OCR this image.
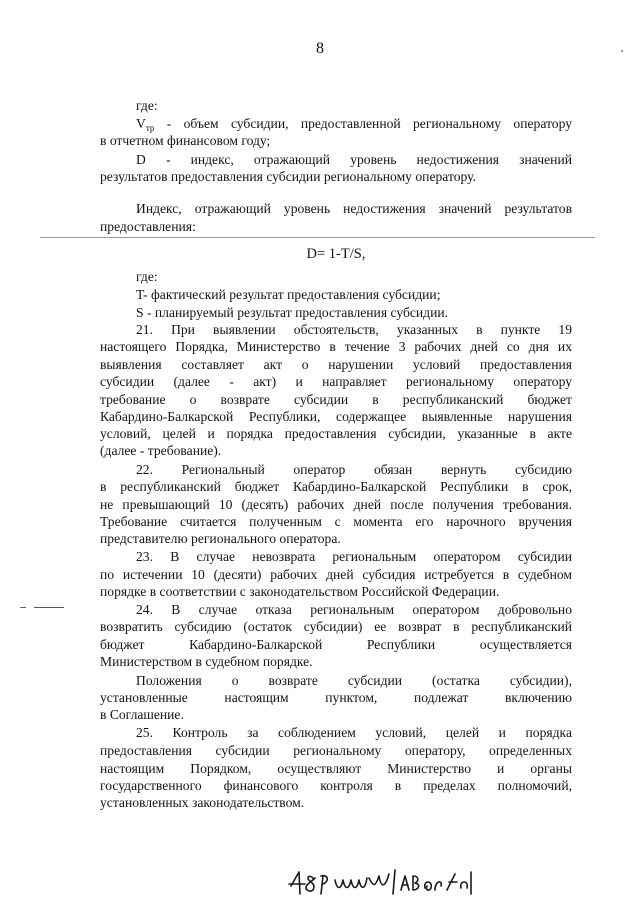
8
где:
$V_{тр}$ - объем субсидии, предоставленной региональному оператору
в отчетном финансовом году;
D - индекс, отражающий уровень недостижения значений
результатов предоставления субсидии региональному оператору.
Индекс, отражающий уровень недостижения значений результатов
предоставления:
D= 1-T/S,
где:
T- фактический результат предоставления субсидии;
S - планируемый результат предоставления субсидии.
21. При выявлении обстоятельств, указанных в пункте 19
настоящего Порядка, Министерство в течение 3 рабочих дней со дня их
выявления составляет акт о нарушении условий предоставления
субсидии (далее - акт) и направляет региональному оператору
требование о возврате субсидии в республиканский бюджет
Кабардино-Балкарской Республики, содержащее выявленные нарушения
условий, целей и порядка предоставления субсидии, указанные в акте
(далее - требование).
22. Региональный оператор обязан вернуть субсидию
в республиканский бюджет Кабардино-Балкарской Республики в срок,
не превышающий 10 (десять) рабочих дней после получения требования.
Требование считается полученным с момента его нарочного вручения
представителю регионального оператора.
23. В случае невозврата региональным оператором субсидии
по истечении 10 (десяти) рабочих дней субсидия истребуется в судебном
порядке в соответствии с законодательством Российской Федерации.
24. В случае отказа региональным оператором добровольно
возвратить субсидию (остаток субсидии) ее возврат в республиканский
бюджет Кабардино-Балкарской Республики осуществляется
Министерством в судебном порядке.
Положения о возврате субсидии (остатка субсидии),
установленные настоящим пунктом, подлежат включению
в Соглашение.
25. Контроль за соблюдением условий, целей и порядка
предоставления субсидии региональному оператору, определенных
настоящим Порядком, осуществляют Министерство и органы
государственного финансового контроля в пределах полномочий,
установленных законодательством.
